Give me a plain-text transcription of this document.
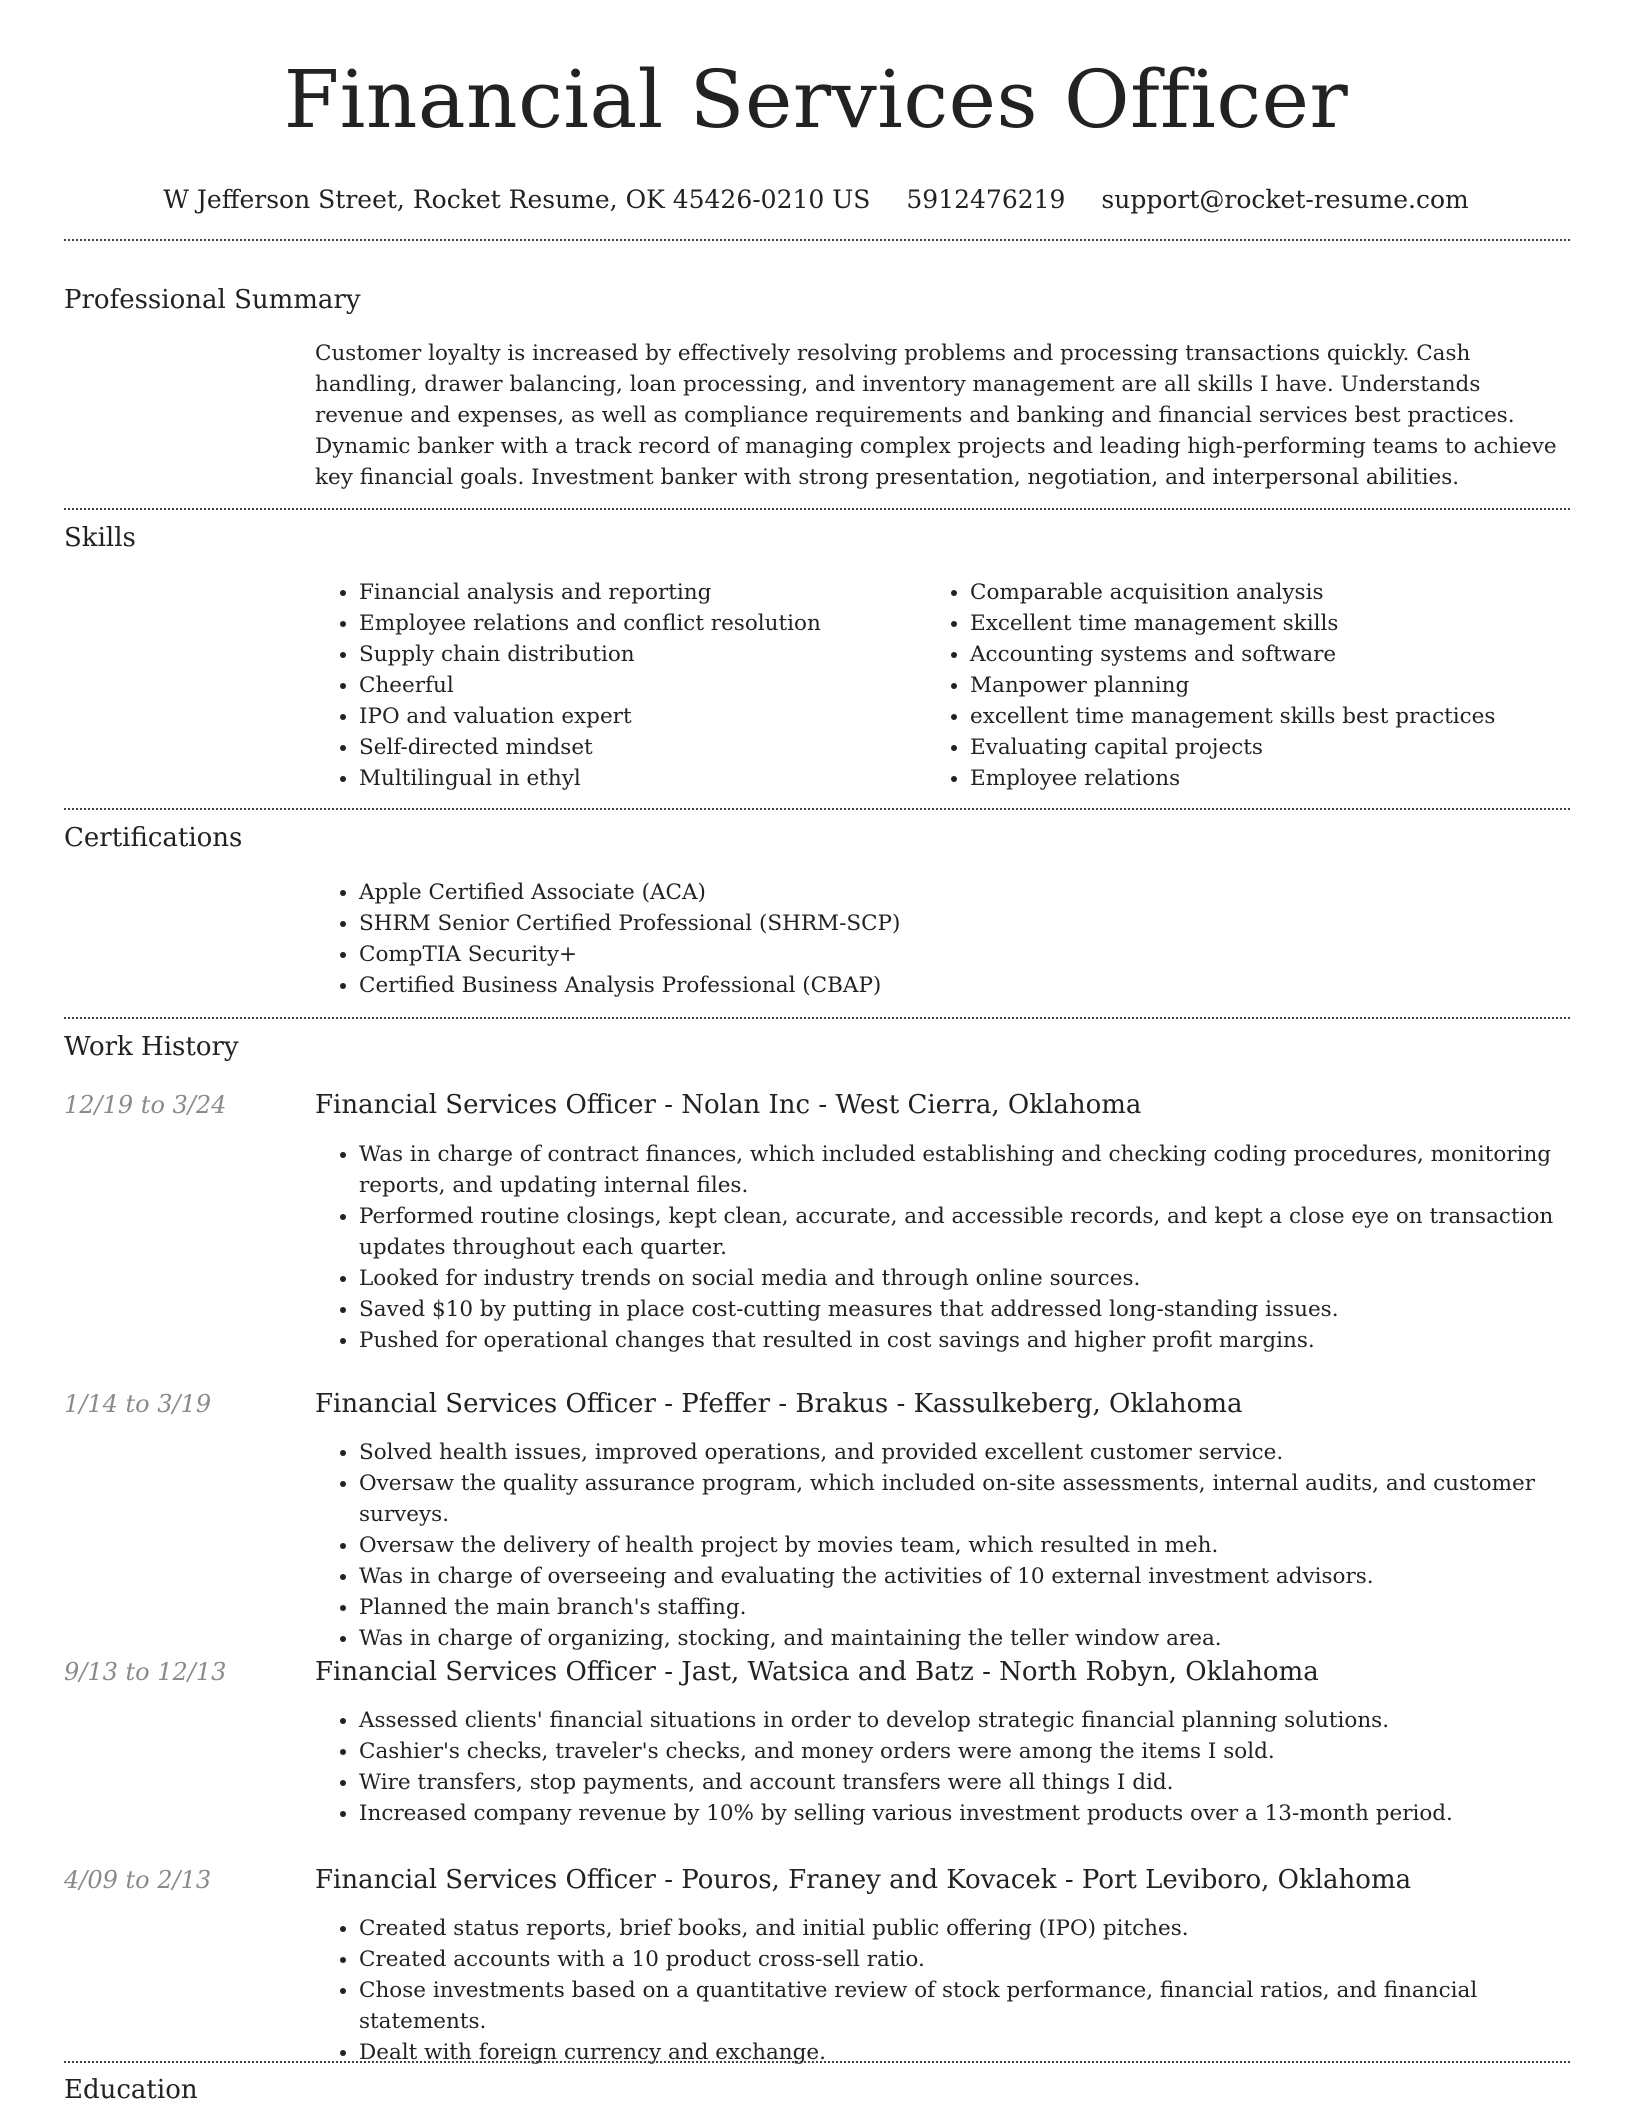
Financial Services Officer
W Jefferson Street, Rocket Resume, OK 45426-0210 US 5912476219 support@rocket-resume.com
Professional Summary

Customer loyalty is increased by effectively resolving problems and processing transactions quickly. Cash handling, drawer balancing, loan processing, and inventory management are all skills I have. Understands revenue and expenses, as well as compliance requirements and banking and financial services best practices. Dynamic banker with a track record of managing complex projects and leading high-performing teams to achieve key financial goals. Investment banker with strong presentation, negotiation, and interpersonal abilities.

Skills
• Financial analysis and reporting
• Employee relations and conflict resolution
• Supply chain distribution
• Cheerful
• IPO and valuation expert
• Self-directed mindset
• Multilingual in ethyl
• Comparable acquisition analysis
• Excellent time management skills
• Accounting systems and software
• Manpower planning
• excellent time management skills best practices
• Evaluating capital projects
• Employee relations
Certifications
• Apple Certified Associate (ACA)
• SHRM Senior Certified Professional (SHRM-SCP)
• CompTIA Security+
• Certified Business Analysis Professional (CBAP)
Work History
12/19 to 3/24	Financial Services Officer - Nolan Inc - West Cierra, Oklahoma
• Was in charge of contract finances, which included establishing and checking coding procedures, monitoring reports, and updating internal files.
• Performed routine closings, kept clean, accurate, and accessible records, and kept a close eye on transaction updates throughout each quarter.
• Looked for industry trends on social media and through online sources.
• Saved $10 by putting in place cost-cutting measures that addressed long-standing issues.
• Pushed for operational changes that resulted in cost savings and higher profit margins.
1/14 to 3/19	Financial Services Officer - Pfeffer - Brakus - Kassulkeberg, Oklahoma
• Solved health issues, improved operations, and provided excellent customer service.
• Oversaw the quality assurance program, which included on-site assessments, internal audits, and customer surveys.
• Oversaw the delivery of health project by movies team, which resulted in meh.
• Was in charge of overseeing and evaluating the activities of 10 external investment advisors.
• Planned the main branch's staffing.
• Was in charge of organizing, stocking, and maintaining the teller window area.
9/13 to 12/13	Financial Services Officer - Jast, Watsica and Batz - North Robyn, Oklahoma
• Assessed clients' financial situations in order to develop strategic financial planning solutions.
• Cashier's checks, traveler's checks, and money orders were among the items I sold.
• Wire transfers, stop payments, and account transfers were all things I did.
• Increased company revenue by 10% by selling various investment products over a 13-month period.
4/09 to 2/13	Financial Services Officer - Pouros, Franey and Kovacek - Port Leviboro, Oklahoma
• Created status reports, brief books, and initial public offering (IPO) pitches.
• Created accounts with a 10 product cross-sell ratio.
• Chose investments based on a quantitative review of stock performance, financial ratios, and financial statements.
• Dealt with foreign currency and exchange.
Education
